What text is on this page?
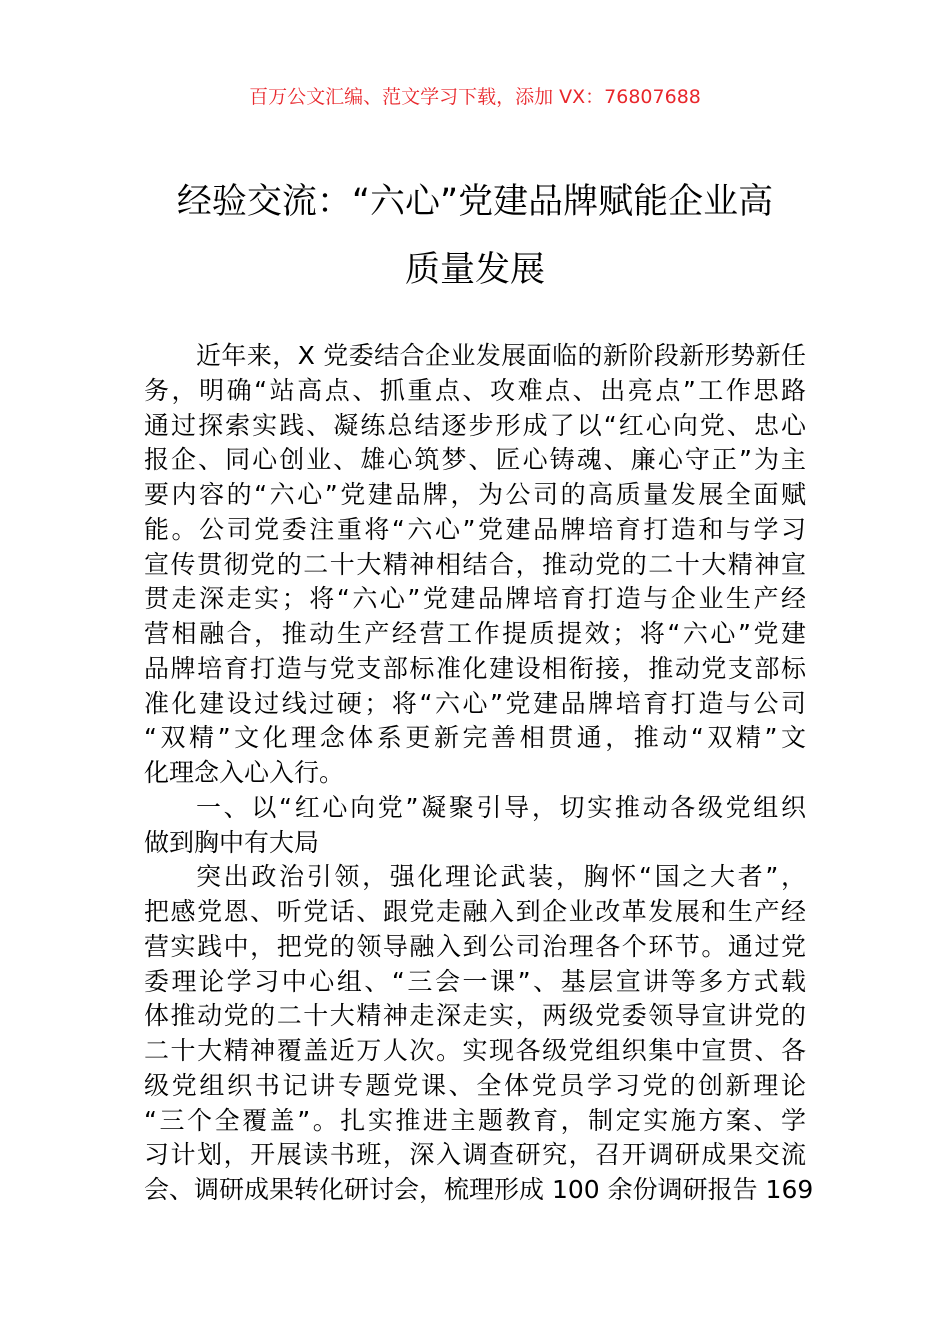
百万公文汇编、范文学习下载，添加 VX：76807688
经验交流：“六心”党建品牌赋能企业高
质量发展
近年来，X 党委结合企业发展面临的新阶段新形势新任
务，明确“站高点、抓重点、攻难点、出亮点”工作思路
通过探索实践、凝练总结逐步形成了以“红心向党、忠心
报企、同心创业、雄心筑梦、匠心铸魂、廉心守正”为主
要内容的“六心”党建品牌，为公司的高质量发展全面赋
能。公司党委注重将“六心”党建品牌培育打造和与学习
宣传贯彻党的二十大精神相结合，推动党的二十大精神宣
贯走深走实；将“六心”党建品牌培育打造与企业生产经
营相融合，推动生产经营工作提质提效；将“六心”党建
品牌培育打造与党支部标准化建设相衔接，推动党支部标
准化建设过线过硬；将“六心”党建品牌培育打造与公司
“双精”文化理念体系更新完善相贯通，推动“双精”文
化理念入心入行。
一、以“红心向党”凝聚引导，切实推动各级党组织
做到胸中有大局
突出政治引领，强化理论武装，胸怀“国之大者”，
把感党恩、听党话、跟党走融入到企业改革发展和生产经
营实践中，把党的领导融入到公司治理各个环节。通过党
委理论学习中心组、“三会一课”、基层宣讲等多方式载
体推动党的二十大精神走深走实，两级党委领导宣讲党的
二十大精神覆盖近万人次。实现各级党组织集中宣贯、各
级党组织书记讲专题党课、全体党员学习党的创新理论
“三个全覆盖”。扎实推进主题教育，制定实施方案、学
习计划，开展读书班，深入调查研究，召开调研成果交流
会、调研成果转化研讨会，梳理形成 100 余份调研报告 169
